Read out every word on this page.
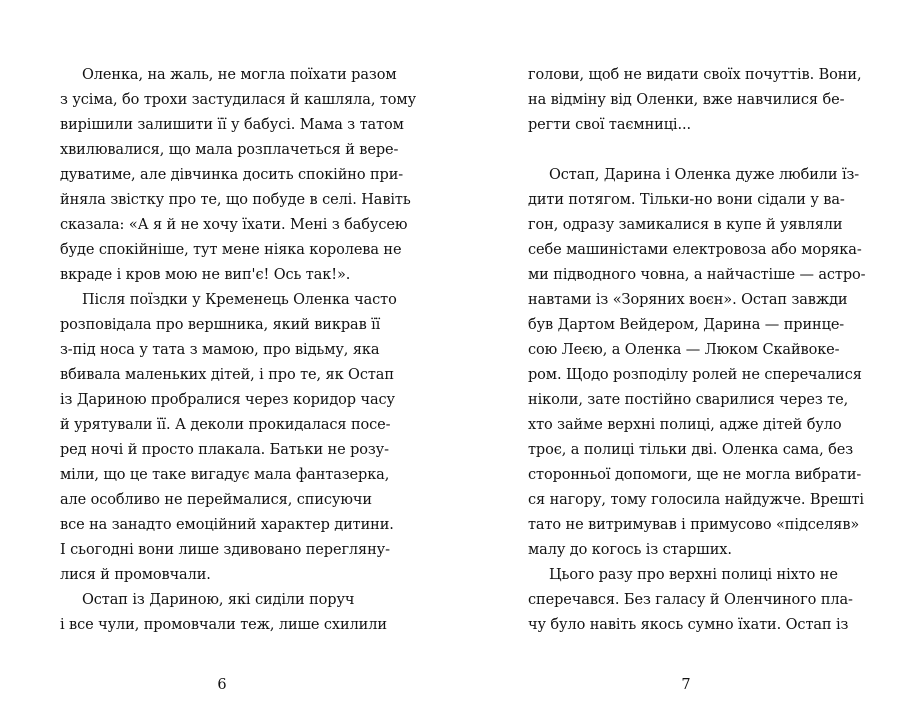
Оленка, на жаль, не могла поїхати разом
з усіма, бо трохи застудилася й кашляла, тому
вирішили залишити її у бабусі. Мама з татом
хвилювалися, що мала розплачеться й вере-
дуватиме, але дівчинка досить спокійно при-
йняла звістку про те, що побуде в селі. Навіть
сказала: «А я й не хочу їхати. Мені з бабусею
буде спокійніше, тут мене ніяка королева не
вкраде і кров мою не вип'є! Ось так!».
Після поїздки у Кременець Оленка часто
розповідала про вершника, який викрав її
з-під носа у тата з мамою, про відьму, яка
вбивала маленьких дітей, і про те, як Остап
із Дариною пробралися через коридор часу
й урятували її. А деколи прокидалася посе-
ред ночі й просто плакала. Батьки не розу-
міли, що це таке вигадує мала фантазерка,
але особливо не переймалися, списуючи
все на занадто емоційний характер дитини.
І сьогодні вони лише здивовано перегляну-
лися й промовчали.
Остап із Дариною, які сиділи поруч
і все чули, промовчали теж, лише схилили
6
голови, щоб не видати своїх почуттів. Вони,
на відміну від Оленки, вже навчилися бе-
регти свої таємниці...
Остап, Дарина і Оленка дуже любили їз-
дити потягом. Тільки-но вони сідали у ва-
гон, одразу замикалися в купе й уявляли
себе машиністами електровоза або моряка-
ми підводного човна, а найчастіше — астро-
навтами із «Зоряних воєн». Остап завжди
був Дартом Вейдером, Дарина — принце-
сою Леєю, а Оленка — Люком Скайвоке-
ром. Щодо розподілу ролей не сперечалися
ніколи, зате постійно сварилися через те,
хто займе верхні полиці, адже дітей було
троє, а полиці тільки дві. Оленка сама, без
сторонньої допомоги, ще не могла вибрати-
ся нагору, тому голосила найдужче. Врешті
тато не витримував і примусово «підселяв»
малу до когось із старших.
Цього разу про верхні полиці ніхто не
сперечався. Без галасу й Оленчиного пла-
чу було навіть якось сумно їхати. Остап із
7
